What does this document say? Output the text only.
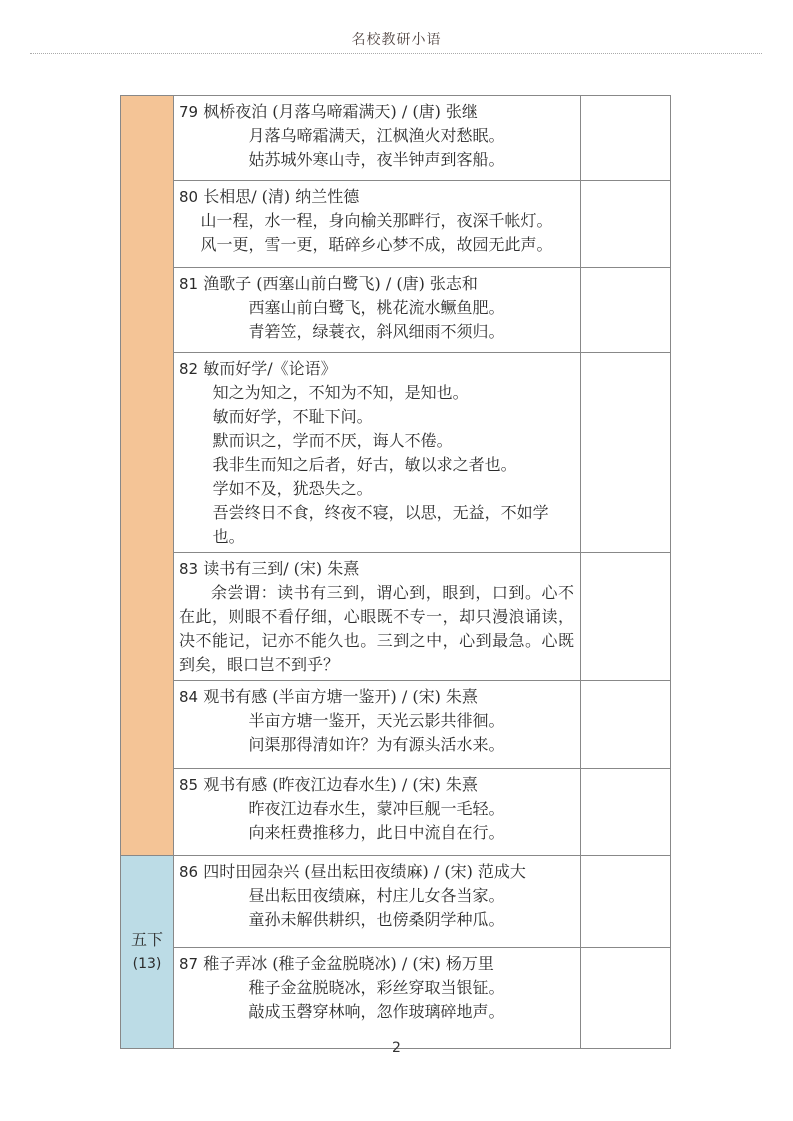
名校教研小语

	79 枫桥夜泊 (月落乌啼霜满天) / (唐) 张继
月落乌啼霜满天，江枫渔火对愁眠。
姑苏城外寒山寺，夜半钟声到客船。	

	80 长相思/ (清) 纳兰性德
山一程，水一程，身向榆关那畔行，夜深千帐灯。
风一更，雪一更，聒碎乡心梦不成，故园无此声。	

	81 渔歌子 (西塞山前白鹭飞) / (唐) 张志和
西塞山前白鹭飞，桃花流水鳜鱼肥。
青箬笠，绿蓑衣，斜风细雨不须归。	

82 敏而好学/《论语》
知之为知之，不知为不知，是知也。
敏而好学，不耻下问。
默而识之，学而不厌，诲人不倦。
我非生而知之后者，好古，敏以求之者也。
学如不及，犹恐失之。
吾尝终日不食，终夜不寝，以思，无益，不如学也。

	83 读书有三到/ (宋) 朱熹
余尝谓：读书有三到，谓心到，眼到，口到。心不在此，则眼不看仔细，心眼既不专一，却只漫浪诵读，决不能记，记亦不能久也。三到之中，心到最急。心既到矣，眼口岂不到乎？	

	84 观书有感 (半亩方塘一鉴开) / (宋) 朱熹
半亩方塘一鉴开，天光云影共徘徊。
问渠那得清如许？为有源头活水来。	

	85 观书有感 (昨夜江边春水生) / (宋) 朱熹
昨夜江边春水生，蒙冲巨舰一毛轻。
向来枉费推移力，此日中流自在行。	

五下
(13)

86 四时田园杂兴 (昼出耘田夜绩麻) / (宋) 范成大
昼出耘田夜绩麻，村庄儿女各当家。
童孙未解供耕织，也傍桑阴学种瓜。

	87 稚子弄冰 (稚子金盆脱晓冰) / (宋) 杨万里
稚子金盆脱晓冰，彩丝穿取当银钲。
敲成玉磬穿林响，忽作玻璃碎地声。	

2
